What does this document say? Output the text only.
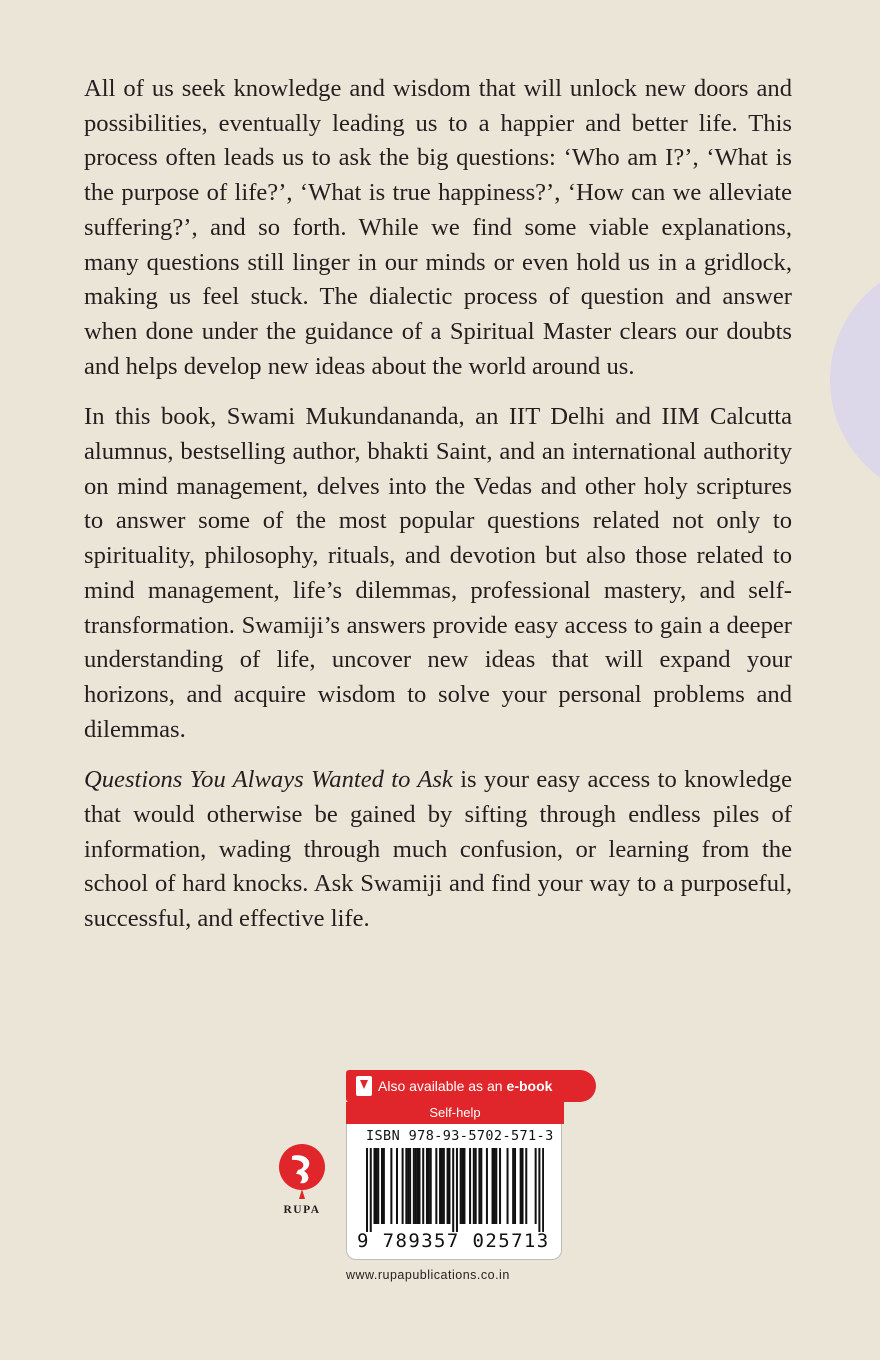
All of us seek knowledge and wisdom that will unlock new doors and possibilities, eventually leading us to a happier and better life. This process often leads us to ask the big questions: ‘Who am I?’, ‘What is the purpose of life?’, ‘What is true happiness?’, ‘How can we alleviate suffering?’, and so forth. While we find some viable explanations, many questions still linger in our minds or even hold us in a gridlock, making us feel stuck. The dialectic process of question and answer when done under the guidance of a Spiritual Master clears our doubts and helps develop new ideas about the world around us.

In this book, Swami Mukundananda, an IIT Delhi and IIM Calcutta alumnus, bestselling author, bhakti Saint, and an international authority on mind management, delves into the Vedas and other holy scriptures to answer some of the most popular questions related not only to spirituality, philosophy, rituals, and devotion but also those related to mind management, life’s dilemmas, professional mastery, and self-transformation. Swamiji’s answers provide easy access to gain a deeper understanding of life, uncover new ideas that will expand your horizons, and acquire wisdom to solve your personal problems and dilemmas.

Questions You Always Wanted to Ask is your easy access to knowledge that would otherwise be gained by sifting through endless piles of information, wading through much confusion, or learning from the school of hard knocks. Ask Swamiji and find your way to a purposeful, successful, and effective life.

Also available as an e-book
Self-help
ISBN 978-93-5702-571-3
9 789357 025713
RUPA
www.rupapublications.co.in
